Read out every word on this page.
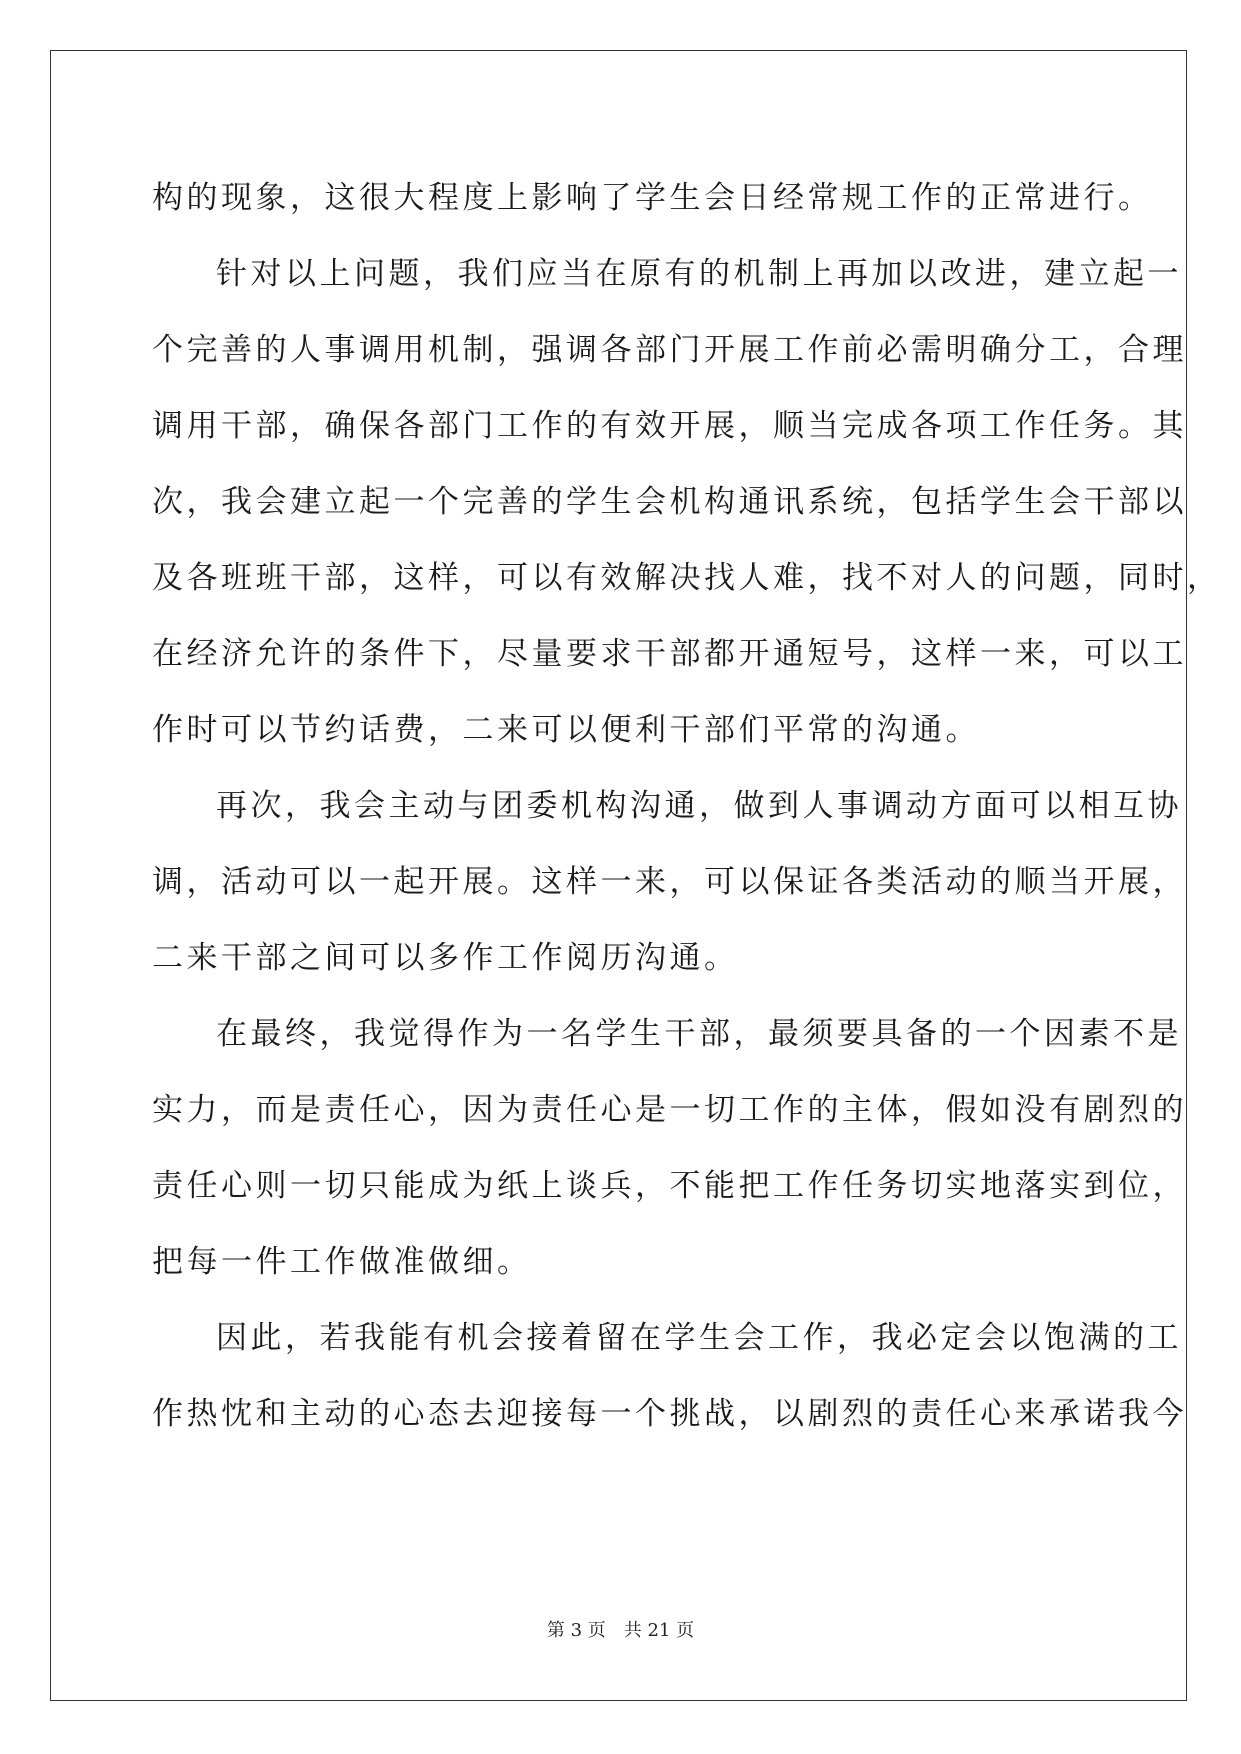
构的现象，这很大程度上影响了学生会日经常规工作的正常进行。
针对以上问题，我们应当在原有的机制上再加以改进，建立起一
个完善的人事调用机制，强调各部门开展工作前必需明确分工，合理
调用干部，确保各部门工作的有效开展，顺当完成各项工作任务。其
次，我会建立起一个完善的学生会机构通讯系统，包括学生会干部以
及各班班干部，这样，可以有效解决找人难，找不对人的问题，同时，
在经济允许的条件下，尽量要求干部都开通短号，这样一来，可以工
作时可以节约话费，二来可以便利干部们平常的沟通。
再次，我会主动与团委机构沟通，做到人事调动方面可以相互协
调，活动可以一起开展。这样一来，可以保证各类活动的顺当开展，
二来干部之间可以多作工作阅历沟通。
在最终，我觉得作为一名学生干部，最须要具备的一个因素不是
实力，而是责任心，因为责任心是一切工作的主体，假如没有剧烈的
责任心则一切只能成为纸上谈兵，不能把工作任务切实地落实到位，
把每一件工作做准做细。
因此，若我能有机会接着留在学生会工作，我必定会以饱满的工
作热忱和主动的心态去迎接每一个挑战，以剧烈的责任心来承诺我今
第 3 页 共 21 页
